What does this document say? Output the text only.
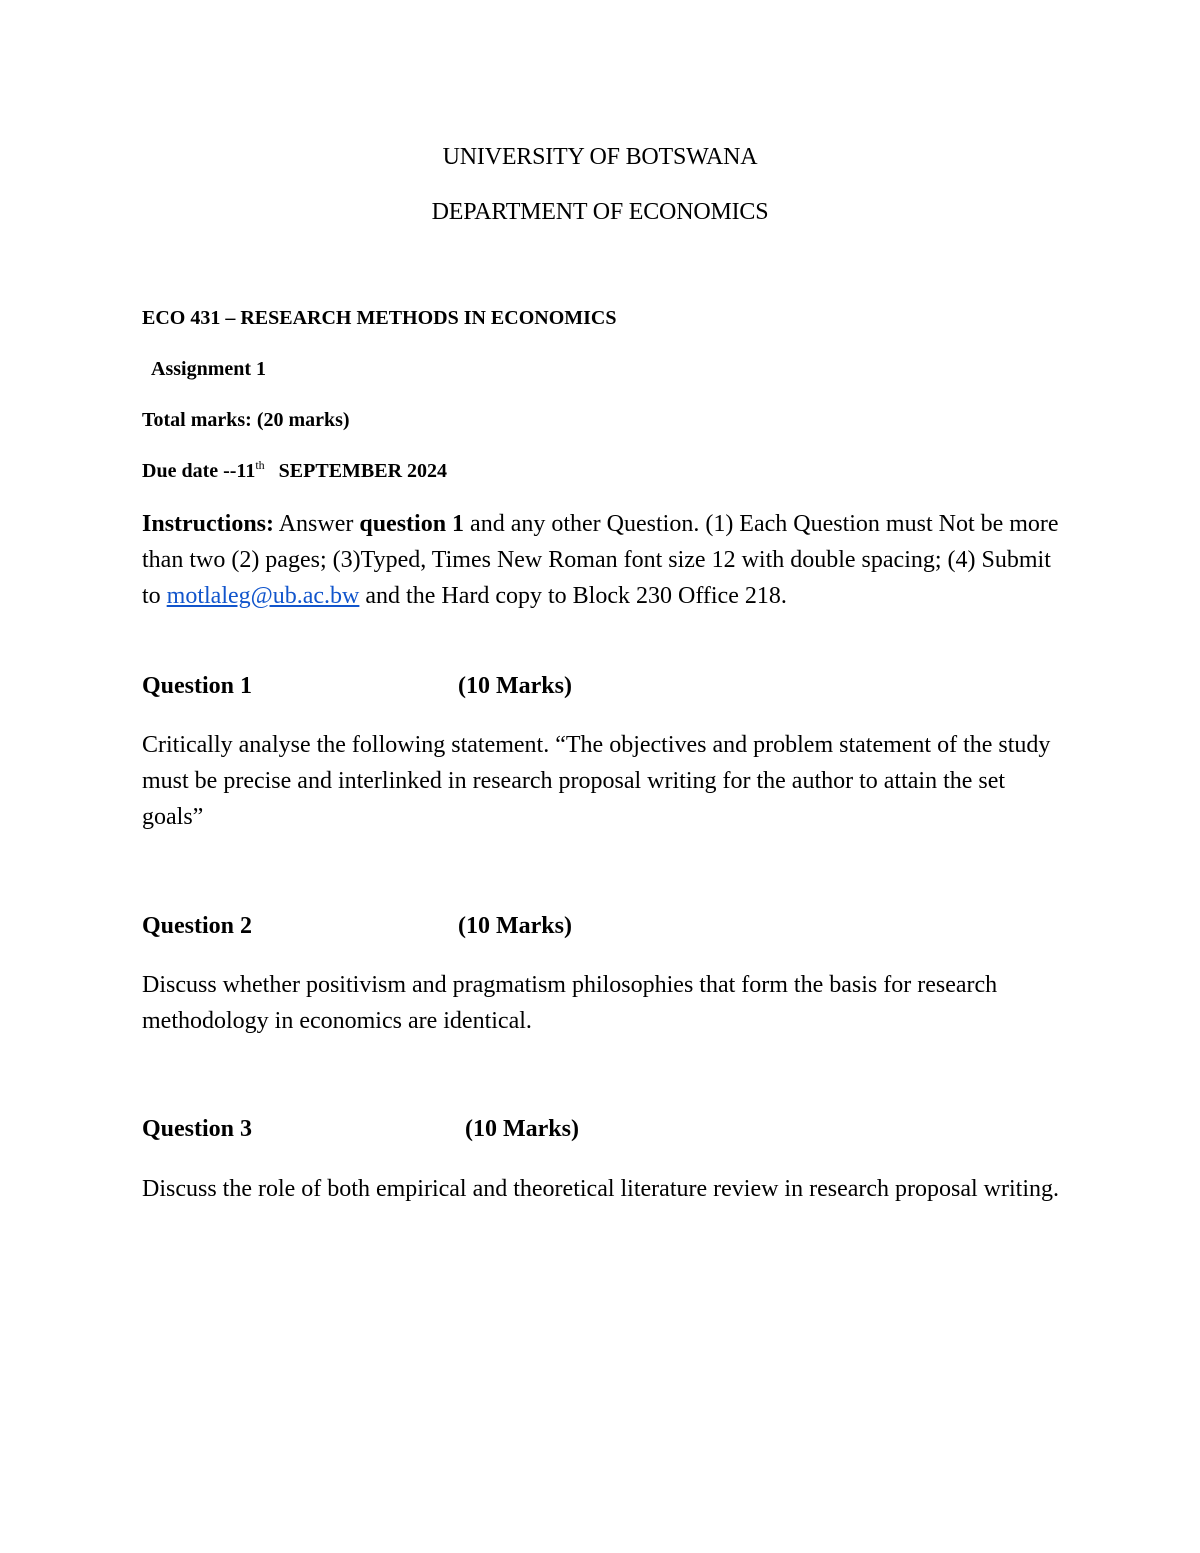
UNIVERSITY OF BOTSWANA
DEPARTMENT OF ECONOMICS
ECO 431 – RESEARCH METHODS IN ECONOMICS
Assignment 1
Total marks: (20 marks)
Due date --11th SEPTEMBER 2024
Instructions: Answer question 1 and any other Question. (1) Each Question must Not be more than two (2) pages; (3)Typed, Times New Roman font size 12 with double spacing; (4) Submit to motlaleg@ub.ac.bw and the Hard copy to Block 230 Office 218.
Question 1	(10 Marks)
Critically analyse the following statement. “The objectives and problem statement of the study must be precise and interlinked in research proposal writing for the author to attain the set goals”
Question 2	(10 Marks)
Discuss whether positivism and pragmatism philosophies that form the basis for research methodology in economics are identical.
Question 3	(10 Marks)
Discuss the role of both empirical and theoretical literature review in research proposal writing.
